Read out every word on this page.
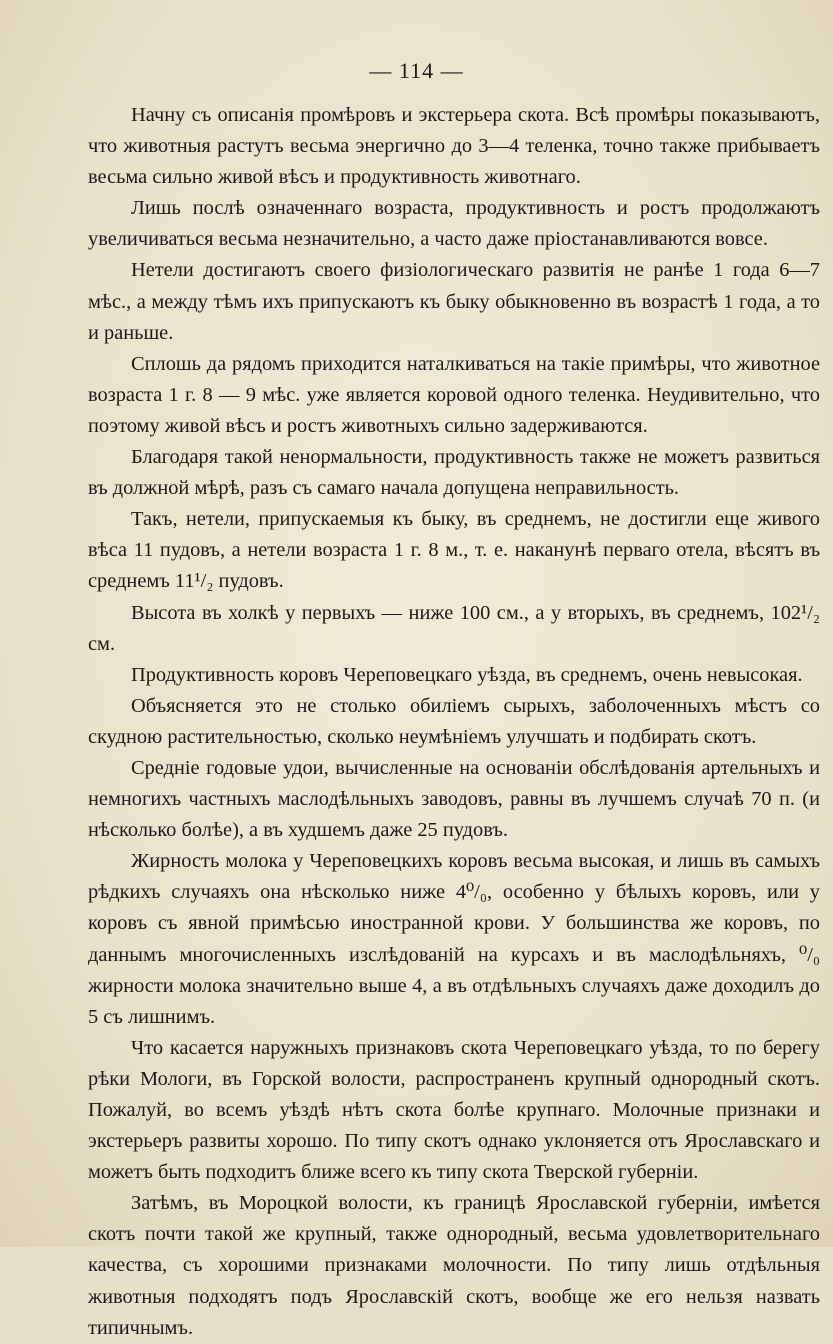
— 114 —

Начну съ описанія промѣровъ и экстерьера скота. Всѣ промѣры показываютъ, что животныя растутъ весьма энергично до 3—4 теленка, точно также прибываетъ весьма сильно живой вѣсъ и продуктивность животнаго.

Лишь послѣ означеннаго возраста, продуктивность и ростъ продолжаютъ увеличиваться весьма незначительно, а часто даже пріостанавливаются вовсе.

Нетели достигаютъ своего физіологическаго развитія не ранѣе 1 года 6—7 мѣс., а между тѣмъ ихъ припускаютъ къ быку обыкновенно въ возрастѣ 1 года, а то и раньше.

Сплошь да рядомъ приходится наталкиваться на такіе примѣры, что животное возраста 1 г. 8 — 9 мѣс. уже является коровой одного теленка. Неудивительно, что поэтому живой вѣсъ и ростъ животныхъ сильно задерживаются.

Благодаря такой ненормальности, продуктивность также не можетъ развиться въ должной мѣрѣ, разъ съ самаго начала допущена неправильность.

Такъ, нетели, припускаемыя къ быку, въ среднемъ, не достигли еще живого вѣса 11 пудовъ, а нетели возраста 1 г. 8 м., т. е. наканунѣ перваго отела, вѣсятъ въ среднемъ 11¹/₂ пудовъ.

Высота въ холкѣ у первыхъ — ниже 100 см., а у вторыхъ, въ среднемъ, 102¹/₂ см.

Продуктивность коровъ Череповецкаго уѣзда, въ среднемъ, очень невысокая.

Объясняется это не столько обиліемъ сырыхъ, заболоченныхъ мѣстъ со скудною растительностью, сколько неумѣніемъ улучшать и подбирать скотъ.

Средніе годовые удои, вычисленные на основаніи обслѣдованія артельныхъ и немногихъ частныхъ маслодѣльныхъ заводовъ, равны въ лучшемъ случаѣ 70 п. (и нѣсколько болѣе), а въ худшемъ даже 25 пудовъ.

Жирность молока у Череповецкихъ коровъ весьма высокая, и лишь въ самыхъ рѣдкихъ случаяхъ она нѣсколько ниже 4⁰/₀, особенно у бѣлыхъ коровъ, или у коровъ съ явной примѣсью иностранной крови. У большинства же коровъ, по даннымъ многочисленныхъ изслѣдованій на курсахъ и въ маслодѣльняхъ, ⁰/₀ жирности молока значительно выше 4, а въ отдѣльныхъ случаяхъ даже доходилъ до 5 съ лишнимъ.

Что касается наружныхъ признаковъ скота Череповецкаго уѣзда, то по берегу рѣки Мологи, въ Горской волости, распространенъ крупный однородный скотъ. Пожалуй, во всемъ уѣздѣ нѣтъ скота болѣе крупнаго. Молочные признаки и экстерьеръ развиты хорошо. По типу скотъ однако уклоняется отъ Ярославскаго и можетъ быть подходитъ ближе всего къ типу скота Тверской губерніи.

Затѣмъ, въ Мороцкой волости, къ границѣ Ярославской губерніи, имѣется скотъ почти такой же крупный, также однородный, весьма удовлетворительнаго качества, съ хорошими признаками молочности. По типу лишь отдѣльныя животныя подходятъ подъ Ярославскій скотъ, вообще же его нельзя назвать типичнымъ.
